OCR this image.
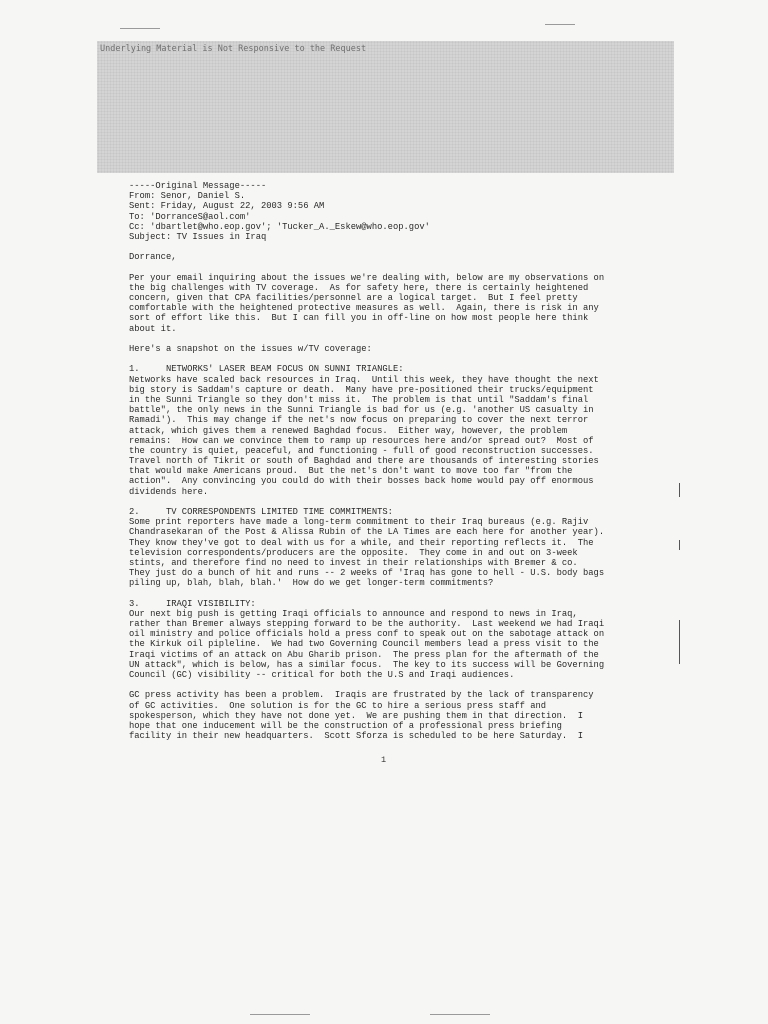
Underlying Material is Not Responsive to the Request
-----Original Message-----
From: Senor, Daniel S.
Sent: Friday, August 22, 2003 9:56 AM
To: 'DorranceS@aol.com'
Cc: 'dbartlet@who.eop.gov'; 'Tucker_A._Eskew@who.eop.gov'
Subject: TV Issues in Iraq
Dorrance,
Per your email inquiring about the issues we're dealing with, below are my observations on
the big challenges with TV coverage.  As for safety here, there is certainly heightened
concern, given that CPA facilities/personnel are a logical target.  But I feel pretty
comfortable with the heightened protective measures as well.  Again, there is risk in any
sort of effort like this.  But I can fill you in off-line on how most people here think
about it.
Here's a snapshot on the issues w/TV coverage:
1.     NETWORKS' LASER BEAM FOCUS ON SUNNI TRIANGLE:
Networks have scaled back resources in Iraq.  Until this week, they have thought the next
big story is Saddam's capture or death.  Many have pre-positioned their trucks/equipment
in the Sunni Triangle so they don't miss it.  The problem is that until "Saddam's final
battle", the only news in the Sunni Triangle is bad for us (e.g. 'another US casualty in
Ramadi').  This may change if the net's now focus on preparing to cover the next terror
attack, which gives them a renewed Baghdad focus.  Either way, however, the problem
remains:  How can we convince them to ramp up resources here and/or spread out?  Most of
the country is quiet, peaceful, and functioning - full of good reconstruction successes.
Travel north of Tikrit or south of Baghdad and there are thousands of interesting stories
that would make Americans proud.  But the net's don't want to move too far "from the
action".  Any convincing you could do with their bosses back home would pay off enormous
dividends here.
2.     TV CORRESPONDENTS LIMITED TIME COMMITMENTS:
Some print reporters have made a long-term commitment to their Iraq bureaus (e.g. Rajiv
Chandrasekaran of the Post & Alissa Rubin of the LA Times are each here for another year).
They know they've got to deal with us for a while, and their reporting reflects it.  The
television correspondents/producers are the opposite.  They come in and out on 3-week
stints, and therefore find no need to invest in their relationships with Bremer & co.
They just do a bunch of hit and runs -- 2 weeks of 'Iraq has gone to hell - U.S. body bags
piling up, blah, blah, blah.'  How do we get longer-term commitments?
3.     IRAQI VISIBILITY:
Our next big push is getting Iraqi officials to announce and respond to news in Iraq,
rather than Bremer always stepping forward to be the authority.  Last weekend we had Iraqi
oil ministry and police officials hold a press conf to speak out on the sabotage attack on
the Kirkuk oil pipleline.  We had two Governing Council members lead a press visit to the
Iraqi victims of an attack on Abu Gharib prison.  The press plan for the aftermath of the
UN attack", which is below, has a similar focus.  The key to its success will be Governing
Council (GC) visibility -- critical for both the U.S and Iraqi audiences.
GC press activity has been a problem.  Iraqis are frustrated by the lack of transparency
of GC activities.  One solution is for the GC to hire a serious press staff and
spokesperson, which they have not done yet.  We are pushing them in that direction.  I
hope that one inducement will be the construction of a professional press briefing
facility in their new headquarters.  Scott Sforza is scheduled to be here Saturday.  I
1
